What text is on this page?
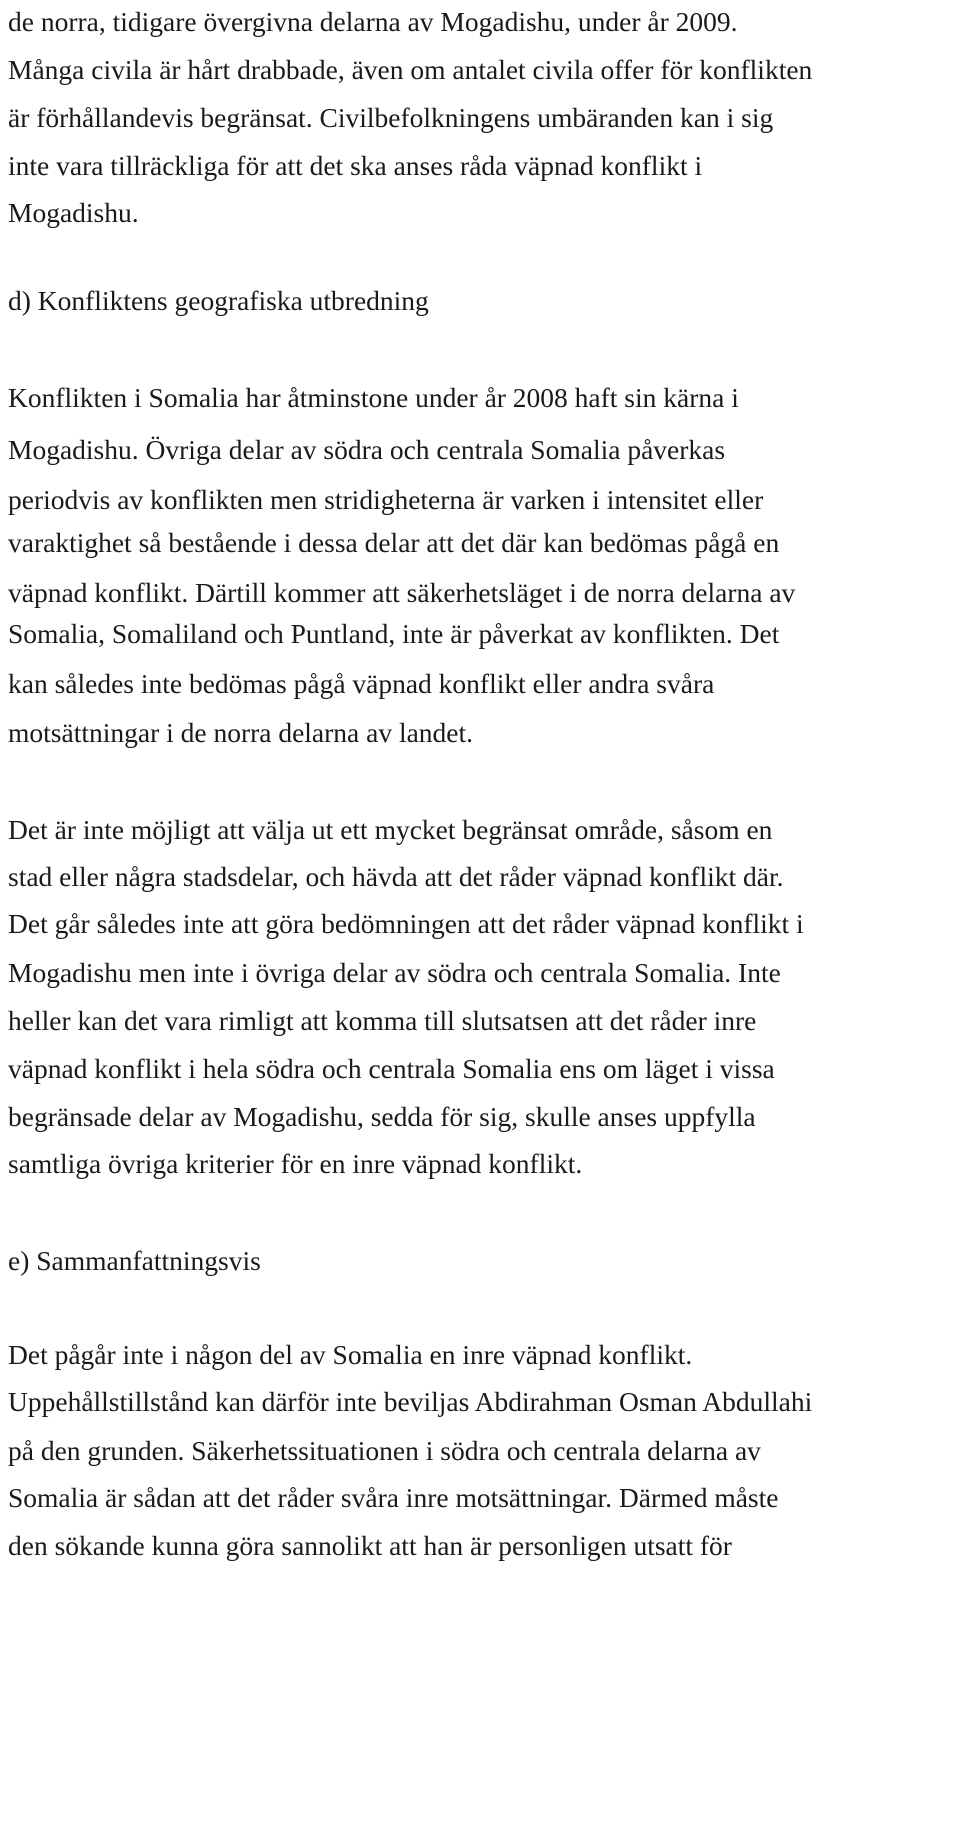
de norra, tidigare övergivna delarna av Mogadishu, under år 2009.
Många civila är hårt drabbade, även om antalet civila offer för konflikten
är förhållandevis begränsat. Civilbefolkningens umbäranden kan i sig
inte vara tillräckliga för att det ska anses råda väpnad konflikt i
Mogadishu.
d) Konfliktens geografiska utbredning
Konflikten i Somalia har åtminstone under år 2008 haft sin kärna i
Mogadishu. Övriga delar av södra och centrala Somalia påverkas
periodvis av konflikten men stridigheterna är varken i intensitet eller
varaktighet så bestående i dessa delar att det där kan bedömas pågå en
väpnad konflikt. Därtill kommer att säkerhetsläget i de norra delarna av
Somalia, Somaliland och Puntland, inte är påverkat av konflikten. Det
kan således inte bedömas pågå väpnad konflikt eller andra svåra
motsättningar i de norra delarna av landet.
Det är inte möjligt att välja ut ett mycket begränsat område, såsom en
stad eller några stadsdelar, och hävda att det råder väpnad konflikt där.
Det går således inte att göra bedömningen att det råder väpnad konflikt i
Mogadishu men inte i övriga delar av södra och centrala Somalia. Inte
heller kan det vara rimligt att komma till slutsatsen att det råder inre
väpnad konflikt i hela södra och centrala Somalia ens om läget i vissa
begränsade delar av Mogadishu, sedda för sig, skulle anses uppfylla
samtliga övriga kriterier för en inre väpnad konflikt.
e) Sammanfattningsvis
Det pågår inte i någon del av Somalia en inre väpnad konflikt.
Uppehållstillstånd kan därför inte beviljas Abdirahman Osman Abdullahi
på den grunden. Säkerhetssituationen i södra och centrala delarna av
Somalia är sådan att det råder svåra inre motsättningar. Därmed måste
den sökande kunna göra sannolikt att han är personligen utsatt för
